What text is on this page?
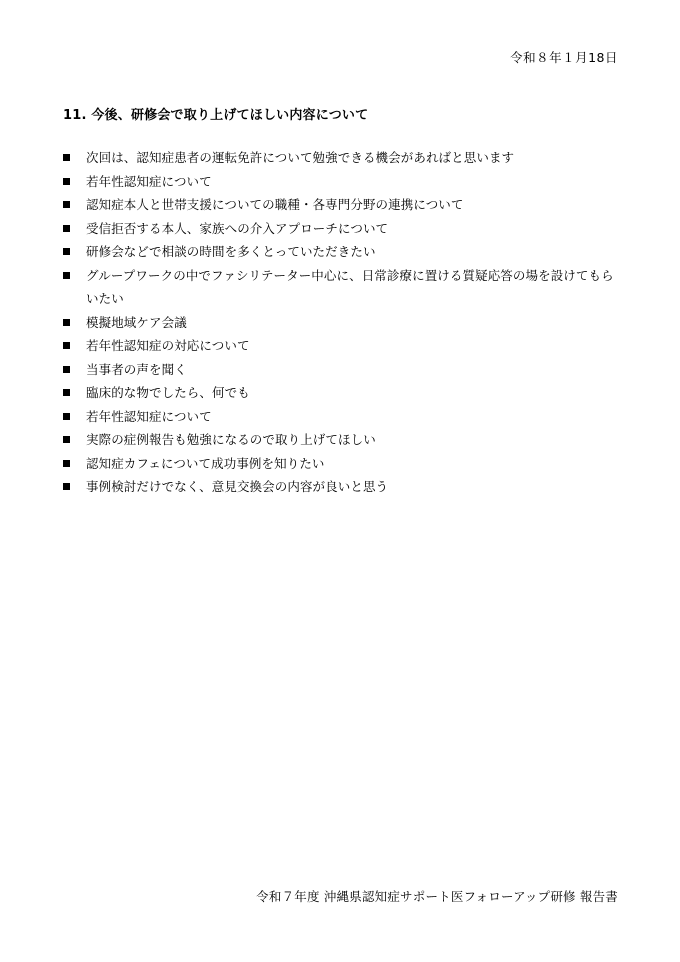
令和８年１月18日
11. 今後、研修会で取り上げてほしい内容について
次回は、認知症患者の運転免許について勉強できる機会があればと思います
若年性認知症について
認知症本人と世帯支援についての職種・各専門分野の連携について
受信拒否する本人、家族への介入アプローチについて
研修会などで相談の時間を多くとっていただきたい
グループワークの中でファシリテーター中心に、日常診療に置ける質疑応答の場を設けてもらいたい
模擬地域ケア会議
若年性認知症の対応について
当事者の声を聞く
臨床的な物でしたら、何でも
若年性認知症について
実際の症例報告も勉強になるので取り上げてほしい
認知症カフェについて成功事例を知りたい
事例検討だけでなく、意見交換会の内容が良いと思う
令和７年度 沖縄県認知症サポート医フォローアップ研修 報告書
